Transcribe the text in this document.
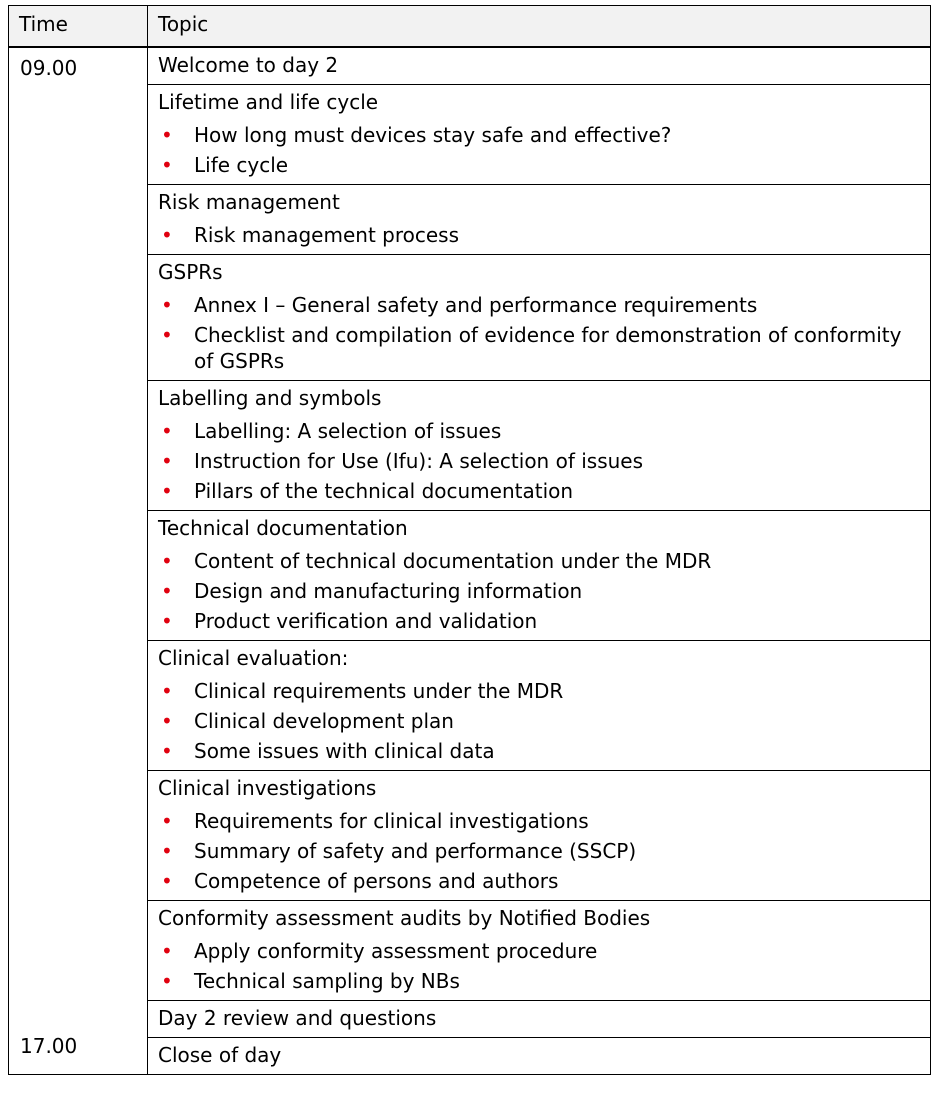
Time	Topic
09.00
17.00
Welcome to day 2
Lifetime and life cycle
• How long must devices stay safe and effective?
• Life cycle
Risk management
• Risk management process
GSPRs
• Annex I – General safety and performance requirements
• Checklist and compilation of evidence for demonstration of conformity of GSPRs
Labelling and symbols
• Labelling: A selection of issues
• Instruction for Use (Ifu): A selection of issues
• Pillars of the technical documentation
Technical documentation
• Content of technical documentation under the MDR
• Design and manufacturing information
• Product verification and validation
Clinical evaluation:
• Clinical requirements under the MDR
• Clinical development plan
• Some issues with clinical data
Clinical investigations
• Requirements for clinical investigations
• Summary of safety and performance (SSCP)
• Competence of persons and authors
Conformity assessment audits by Notified Bodies
• Apply conformity assessment procedure
• Technical sampling by NBs
Day 2 review and questions
Close of day
